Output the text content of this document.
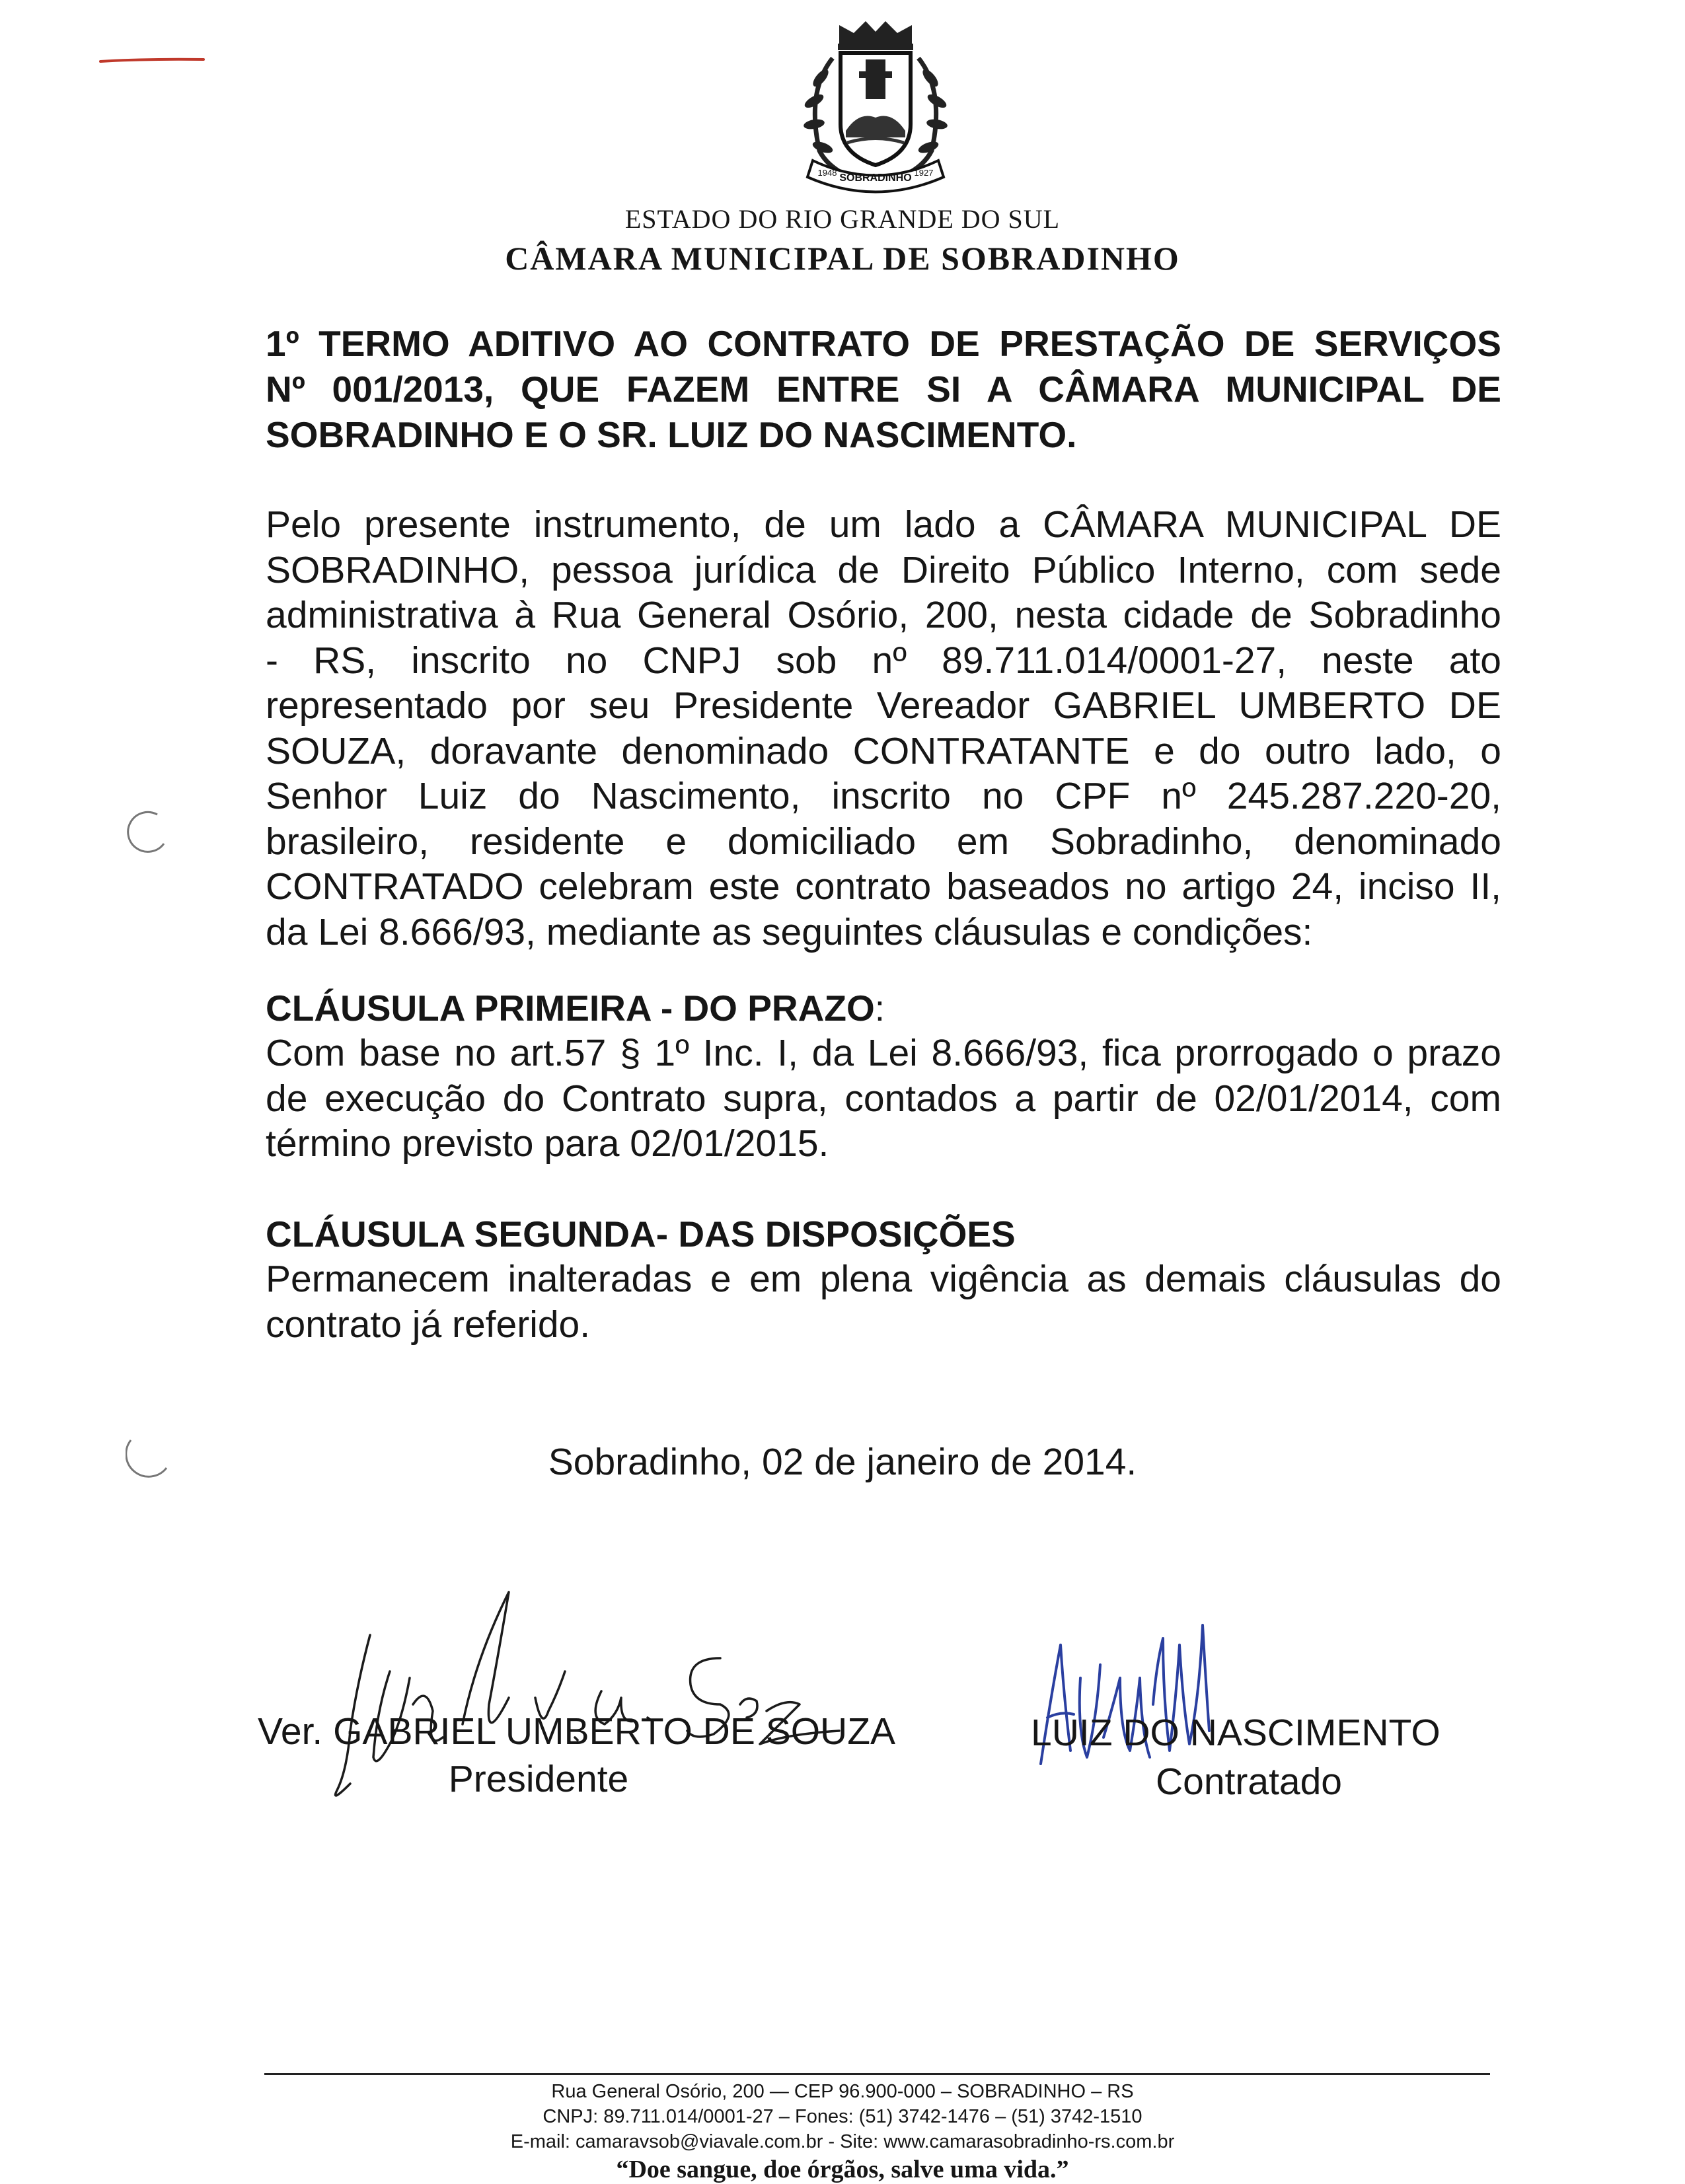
SOBRADINHO
1948	1927
ESTADO DO RIO GRANDE DO SUL
CÂMARA MUNICIPAL DE SOBRADINHO
1º TERMO ADITIVO AO CONTRATO DE PRESTAÇÃO DE SERVIÇOS
Nº 001/2013, QUE FAZEM ENTRE SI A CÂMARA MUNICIPAL DE
SOBRADINHO E O SR. LUIZ DO NASCIMENTO.
Pelo presente instrumento, de um lado a CÂMARA MUNICIPAL DE
SOBRADINHO, pessoa jurídica de Direito Público Interno, com sede
administrativa à Rua General Osório, 200, nesta cidade de Sobradinho
- RS, inscrito no CNPJ sob nº 89.711.014/0001-27, neste ato
representado por seu Presidente Vereador GABRIEL UMBERTO DE
SOUZA, doravante denominado CONTRATANTE e do outro lado, o
Senhor Luiz do Nascimento, inscrito no CPF nº 245.287.220-20,
brasileiro, residente e domiciliado em Sobradinho, denominado
CONTRATADO celebram este contrato baseados no artigo 24, inciso II,
da Lei 8.666/93, mediante as seguintes cláusulas e condições:
CLÁUSULA PRIMEIRA - DO PRAZO:
Com base no art.57 § 1º Inc. I, da Lei 8.666/93, fica prorrogado o prazo
de execução do Contrato supra, contados a partir de 02/01/2014, com
término previsto para 02/01/2015.
CLÁUSULA SEGUNDA- DAS DISPOSIÇÕES
Permanecem inalteradas e em plena vigência as demais cláusulas do
contrato já referido.
Sobradinho, 02 de janeiro de 2014.
Ver. GABRIEL UMBERTO DE SOUZA
Presidente
LUIZ DO NASCIMENTO
Contratado
Rua General Osório, 200 — CEP 96.900-000 – SOBRADINHO – RS
CNPJ: 89.711.014/0001-27 – Fones: (51) 3742-1476 – (51) 3742-1510
E-mail: camaravsob@viavale.com.br - Site: www.camarasobradinho-rs.com.br
“Doe sangue, doe órgãos, salve uma vida.”
